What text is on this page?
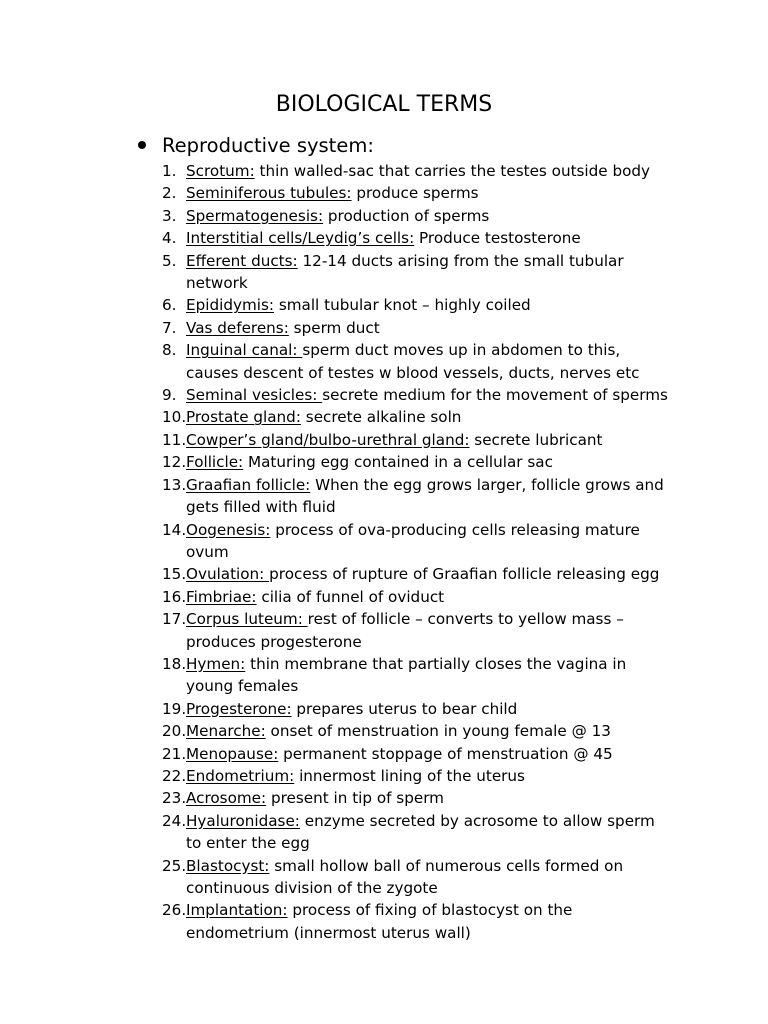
BIOLOGICAL TERMS
Reproductive system:
1. Scrotum: thin walled-sac that carries the testes outside body
2. Seminiferous tubules: produce sperms
3. Spermatogenesis: production of sperms
4. Interstitial cells/Leydig’s cells: Produce testosterone
5. Efferent ducts: 12-14 ducts arising from the small tubular network
6. Epididymis: small tubular knot – highly coiled
7. Vas deferens: sperm duct
8. Inguinal canal: sperm duct moves up in abdomen to this, causes descent of testes w blood vessels, ducts, nerves etc
9. Seminal vesicles: secrete medium for the movement of sperms
10. Prostate gland: secrete alkaline soln
11. Cowper’s gland/bulbo-urethral gland: secrete lubricant
12. Follicle: Maturing egg contained in a cellular sac
13. Graafian follicle: When the egg grows larger, follicle grows and gets filled with fluid
14. Oogenesis: process of ova-producing cells releasing mature ovum
15. Ovulation: process of rupture of Graafian follicle releasing egg
16. Fimbriae: cilia of funnel of oviduct
17. Corpus luteum: rest of follicle – converts to yellow mass – produces progesterone
18. Hymen: thin membrane that partially closes the vagina in young females
19. Progesterone: prepares uterus to bear child
20. Menarche: onset of menstruation in young female @ 13
21. Menopause: permanent stoppage of menstruation @ 45
22. Endometrium: innermost lining of the uterus
23. Acrosome: present in tip of sperm
24. Hyaluronidase: enzyme secreted by acrosome to allow sperm to enter the egg
25. Blastocyst: small hollow ball of numerous cells formed on continuous division of the zygote
26. Implantation: process of fixing of blastocyst on the endometrium (innermost uterus wall)
